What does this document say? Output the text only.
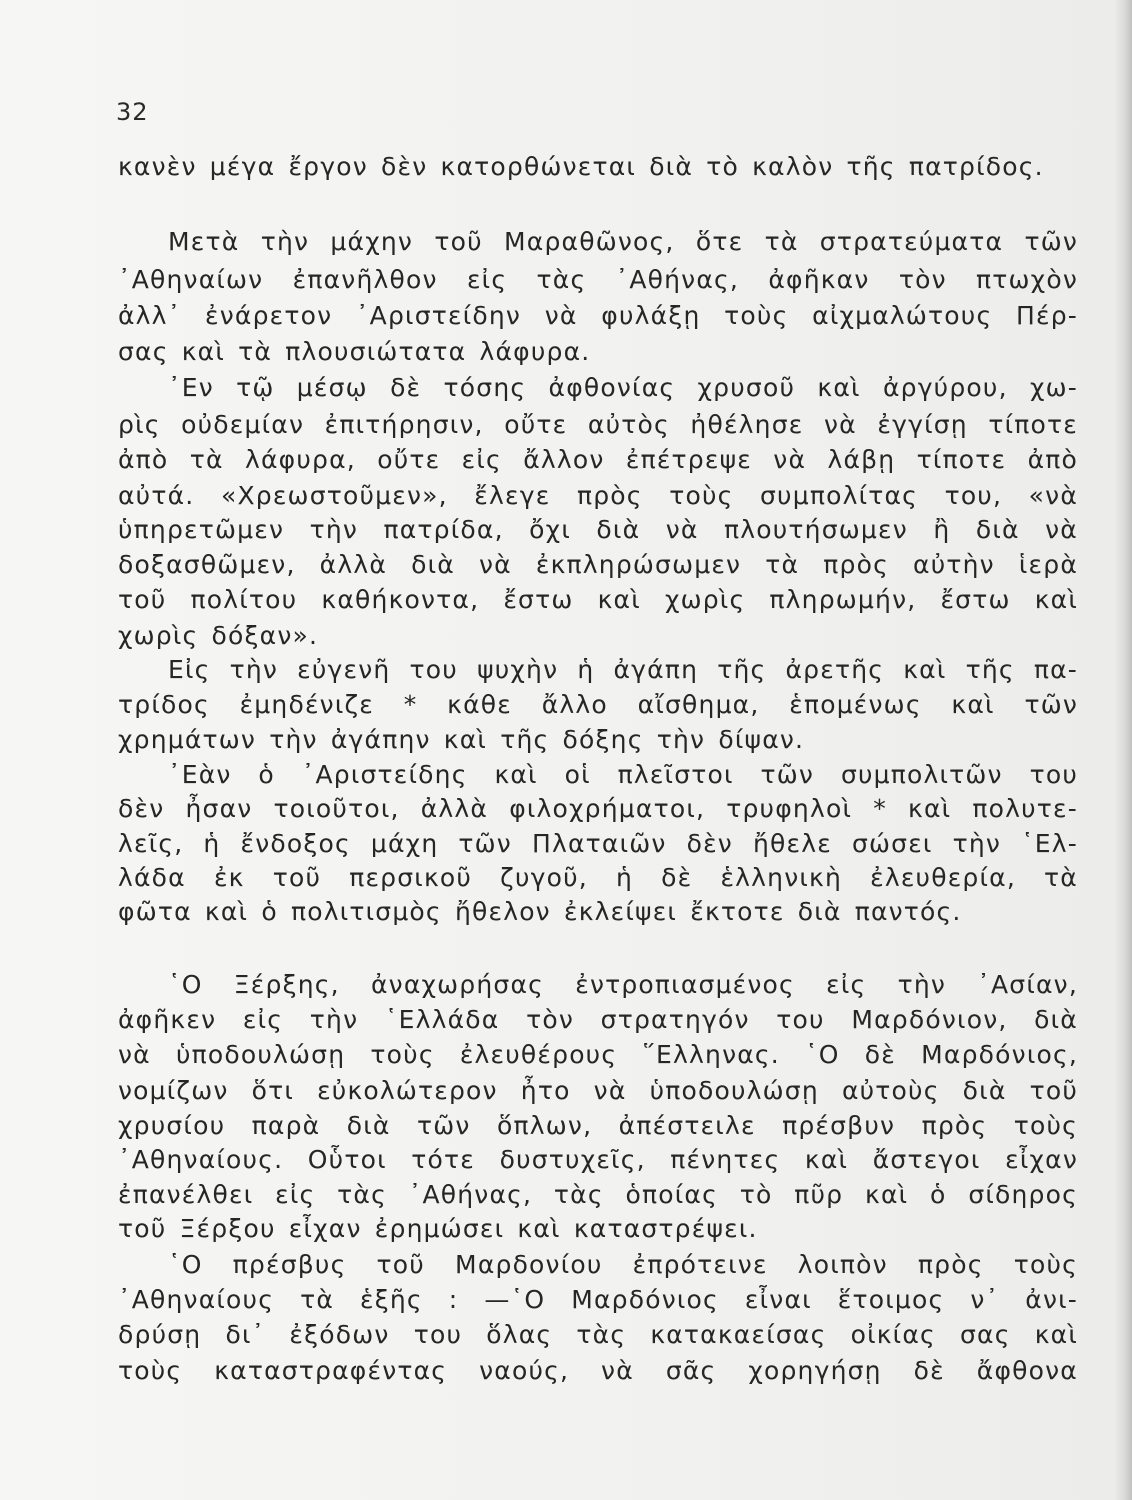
32
κανὲν μέγα ἔργον δὲν κατορθώνεται διὰ τὸ καλὸν τῆς πατρίδος.
Μετὰ τὴν μάχην τοῦ Μαραθῶνος, ὅτε τὰ στρατεύματα τῶν
᾿Αθηναίων ἐπανῆλθον εἰς τὰς ᾿Αθήνας, ἀφῆκαν τὸν πτωχὸν
ἀλλ᾿ ἐνάρετον ᾿Αριστείδην νὰ φυλάξῃ τοὺς αἰχμαλώτους Πέρ-
σας καὶ τὰ πλουσιώτατα λάφυρα.
᾿Εν τῷ μέσῳ δὲ τόσης ἀφθονίας χρυσοῦ καὶ ἀργύρου, χω-
ρὶς οὐδεμίαν ἐπιτήρησιν, οὔτε αὐτὸς ἠθέλησε νὰ ἐγγίσῃ τίποτε
ἀπὸ τὰ λάφυρα, οὔτε εἰς ἄλλον ἐπέτρεψε νὰ λάβῃ τίποτε ἀπὸ
αὐτά. «Χρεωστοῦμεν», ἔλεγε πρὸς τοὺς συμπολίτας του, «νὰ
ὑπηρετῶμεν τὴν πατρίδα, ὄχι διὰ νὰ πλουτήσωμεν ἢ διὰ νὰ
δοξασθῶμεν, ἀλλὰ διὰ νὰ ἐκπληρώσωμεν τὰ πρὸς αὐτὴν ἱερὰ
τοῦ πολίτου καθήκοντα, ἔστω καὶ χωρὶς πληρωμήν, ἔστω καὶ
χωρὶς δόξαν».
Εἰς τὴν εὐγενῆ του ψυχὴν ἡ ἀγάπη τῆς ἀρετῆς καὶ τῆς πα-
τρίδος ἐμηδένιζε * κάθε ἄλλο αἴσθημα, ἑπομένως καὶ τῶν
χρημάτων τὴν ἀγάπην καὶ τῆς δόξης τὴν δίψαν.
᾿Εὰν ὁ ᾿Αριστείδης καὶ οἱ πλεῖστοι τῶν συμπολιτῶν του
δὲν ἦσαν τοιοῦτοι, ἀλλὰ φιλοχρήματοι, τρυφηλοὶ * καὶ πολυτε-
λεῖς, ἡ ἔνδοξος μάχη τῶν Πλαταιῶν δὲν ἤθελε σώσει τὴν ῾Ελ-
λάδα ἐκ τοῦ περσικοῦ ζυγοῦ, ἡ δὲ ἑλληνικὴ ἐλευθερία, τὰ
φῶτα καὶ ὁ πολιτισμὸς ἤθελον ἐκλείψει ἔκτοτε διὰ παντός.
῾Ο Ξέρξης, ἀναχωρήσας ἐντροπιασμένος εἰς τὴν ᾿Ασίαν,
ἀφῆκεν εἰς τὴν ῾Ελλάδα τὸν στρατηγόν του Μαρδόνιον, διὰ
νὰ ὑποδουλώσῃ τοὺς ἐλευθέρους ῞Ελληνας. ῾Ο δὲ Μαρδόνιος,
νομίζων ὅτι εὐκολώτερον ἦτο νὰ ὑποδουλώσῃ αὐτοὺς διὰ τοῦ
χρυσίου παρὰ διὰ τῶν ὅπλων, ἀπέστειλε πρέσβυν πρὸς τοὺς
᾿Αθηναίους. Οὗτοι τότε δυστυχεῖς, πένητες καὶ ἄστεγοι εἶχαν
ἐπανέλθει εἰς τὰς ᾿Αθήνας, τὰς ὁποίας τὸ πῦρ καὶ ὁ σίδηρος
τοῦ Ξέρξου εἶχαν ἐρημώσει καὶ καταστρέψει.
῾Ο πρέσβυς τοῦ Μαρδονίου ἐπρότεινε λοιπὸν πρὸς τοὺς
᾿Αθηναίους τὰ ἑξῆς : —῾Ο Μαρδόνιος εἶναι ἕτοιμος ν᾿ ἀνι-
δρύσῃ δι᾿ ἐξόδων του ὅλας τὰς κατακαείσας οἰκίας σας καὶ
τοὺς καταστραφέντας ναούς, νὰ σᾶς χορηγήσῃ δὲ ἄφθονα
